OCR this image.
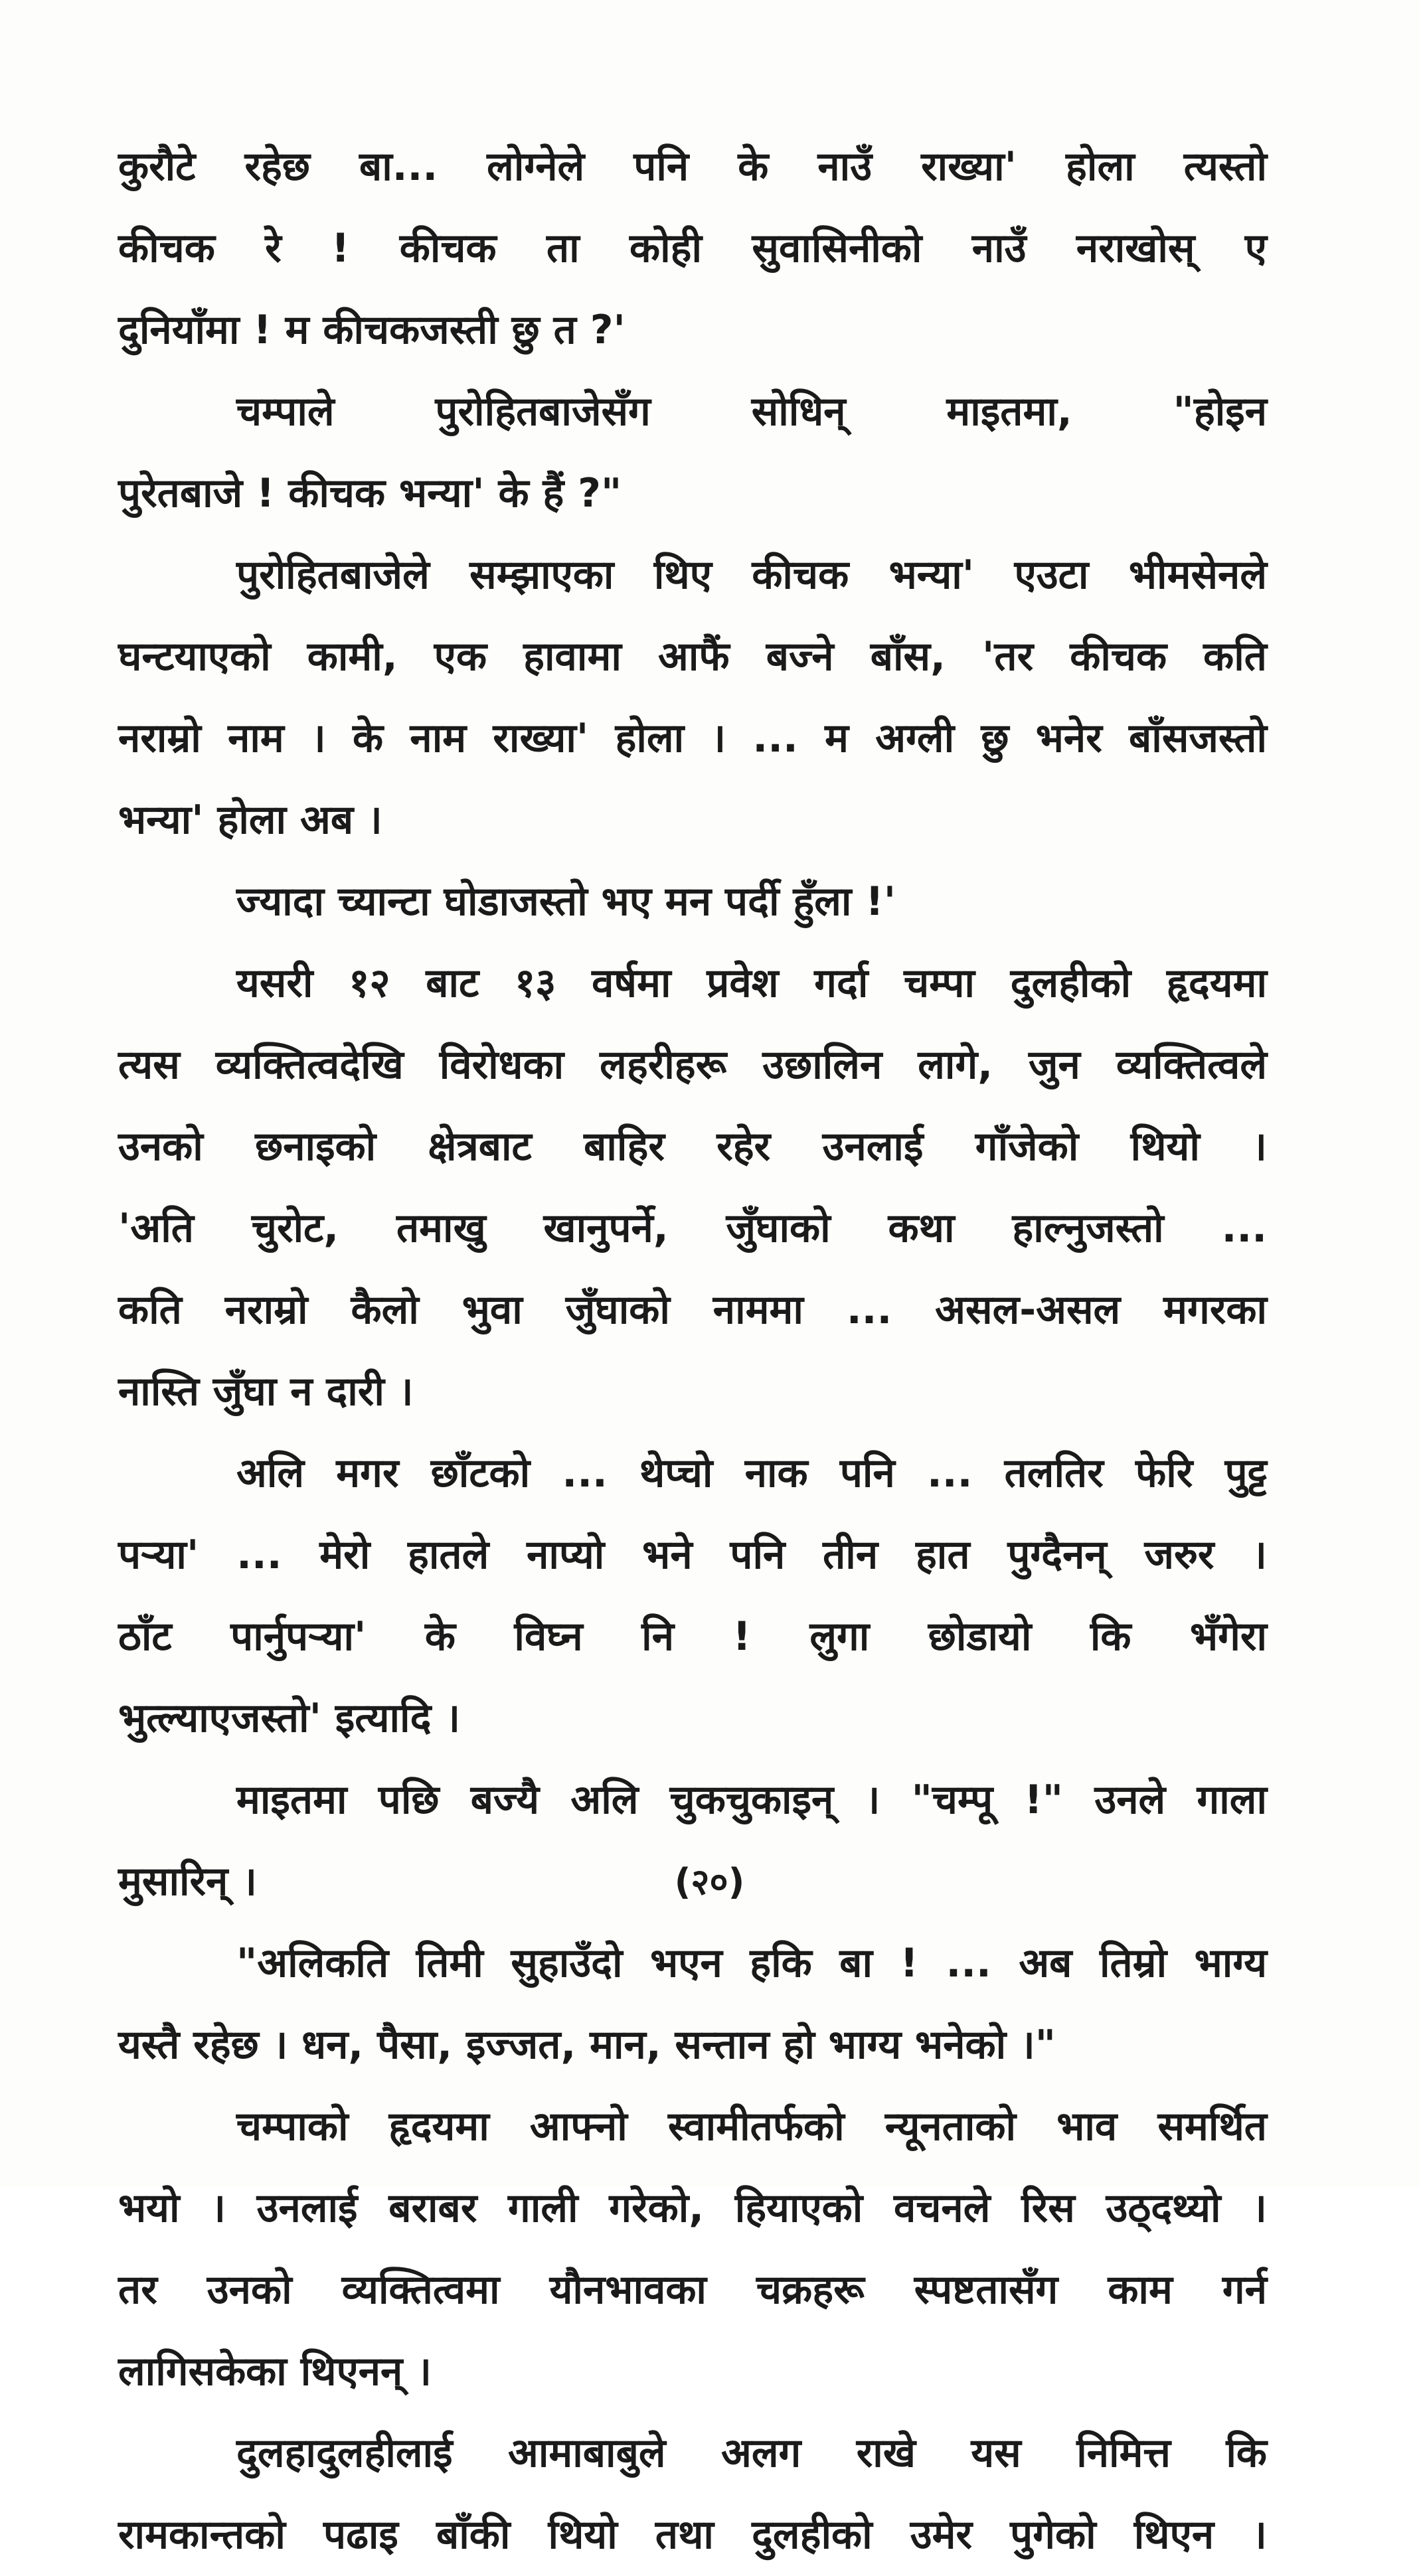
कुरौटे रहेछ बा... लोग्नेले पनि के नाउँ राख्या' होला त्यस्तो
कीचक रे ! कीचक ता कोही सुवासिनीको नाउँ नराखोस् ए
दुनियाँमा ! म कीचकजस्ती छु त ?'
चम्पाले पुरोहितबाजेसँग सोधिन् माइतमा, "होइन
पुरेतबाजे ! कीचक भन्या' के हैं ?"
पुरोहितबाजेले सम्झाएका थिए कीचक भन्या' एउटा भीमसेनले
घन्टयाएको कामी, एक हावामा आफैं बज्ने बाँस, 'तर कीचक कति
नराम्रो नाम । के नाम राख्या' होला । ... म अग्ली छु भनेर बाँसजस्तो
भन्या' होला अब ।
ज्यादा च्यान्टा घोडाजस्तो भए मन पर्दी हुँला !'
यसरी १२ बाट १३ वर्षमा प्रवेश गर्दा चम्पा दुलहीको हृदयमा
त्यस व्यक्तित्वदेखि विरोधका लहरीहरू उछालिन लागे, जुन व्यक्तित्वले
उनको छनाइको क्षेत्रबाट बाहिर रहेर उनलाई गाँजेको थियो ।
'अति चुरोट, तमाखु खानुपर्ने, जुँघाको कथा हाल्नुजस्तो ...
कति नराम्रो कैलो भुवा जुँघाको नाममा ... असल-असल मगरका
नास्ति जुँघा न दारी ।
अलि मगर छाँटको ... थेप्चो नाक पनि ... तलतिर फेरि पुट्ट
पऱ्या' ... मेरो हातले नाप्यो भने पनि तीन हात पुग्दैनन् जरुर ।
ठाँट पार्नुपऱ्या' के विघ्न नि ! लुगा छोडायो कि भँगेरा
भुत्ल्याएजस्तो' इत्यादि ।
माइतमा पछि बज्यै अलि चुकचुकाइन् । "चम्पू !" उनले गाला
मुसारिन् ।
"अलिकति तिमी सुहाउँदो भएन हकि बा ! ... अब तिम्रो भाग्य
यस्तै रहेछ । धन, पैसा, इज्जत, मान, सन्तान हो भाग्य भनेको ।"
चम्पाको हृदयमा आफ्नो स्वामीतर्फको न्यूनताको भाव समर्थित
भयो । उनलाई बराबर गाली गरेको, हियाएको वचनले रिस उठ्दथ्यो ।
तर उनको व्यक्तित्वमा यौनभावका चक्रहरू स्पष्टतासँग काम गर्न
लागिसकेका थिएनन् ।
दुलहादुलहीलाई आमाबाबुले अलग राखे यस निमित्त कि
रामकान्तको पढाइ बाँकी थियो तथा दुलहीको उमेर पुगेको थिएन ।
(२०)
